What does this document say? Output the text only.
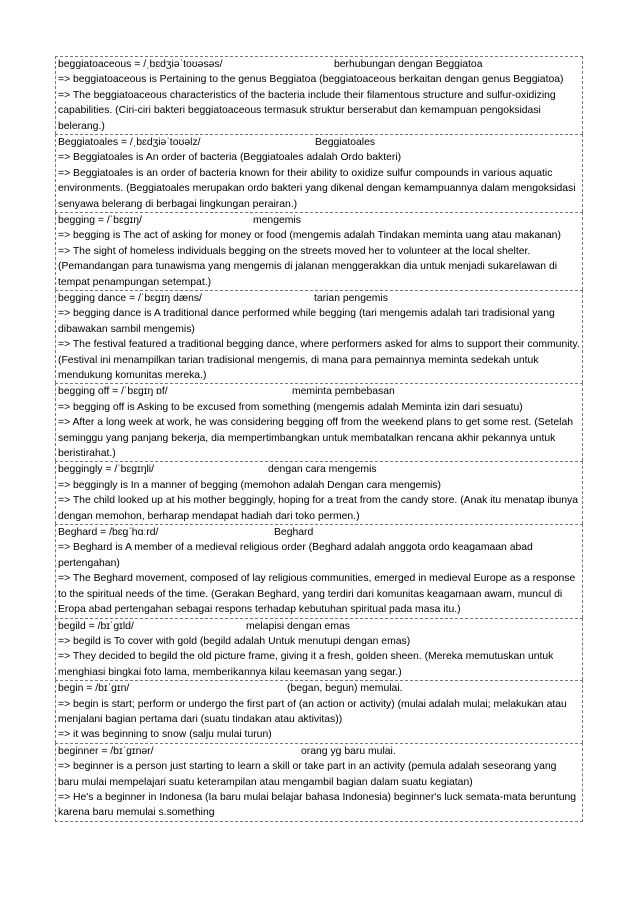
beggiatoaceous = /ˌbɛdʒiəˈtoʊəsəs/	berhubungan dengan Beggiatoa
=> beggiatoaceous is Pertaining to the genus Beggiatoa (beggiatoaceous berkaitan dengan genus Beggiatoa)
=> The beggiatoaceous characteristics of the bacteria include their filamentous structure and sulfur-oxidizing capabilities. (Ciri-ciri bakteri beggiatoaceous termasuk struktur berserabut dan kemampuan pengoksidasi belerang.)
Beggiatoales = /ˌbɛdʒiəˈtoʊəlz/	Beggiatoales
=> Beggiatoales is An order of bacteria (Beggiatoales adalah Ordo bakteri)
=> Beggiatoales is an order of bacteria known for their ability to oxidize sulfur compounds in various aquatic environments. (Beggiatoales merupakan ordo bakteri yang dikenal dengan kemampuannya dalam mengoksidasi senyawa belerang di berbagai lingkungan perairan.)
begging = /ˈbɛɡɪŋ/	mengemis
=> begging is The act of asking for money or food (mengemis adalah Tindakan meminta uang atau makanan)
=> The sight of homeless individuals begging on the streets moved her to volunteer at the local shelter. (Pemandangan para tunawisma yang mengemis di jalanan menggerakkan dia untuk menjadi sukarelawan di tempat penampungan setempat.)
begging dance = /ˈbɛɡɪŋ dæns/	tarian pengemis
=> begging dance is A traditional dance performed while begging (tari mengemis adalah tari tradisional yang dibawakan sambil mengemis)
=> The festival featured a traditional begging dance, where performers asked for alms to support their community. (Festival ini menampilkan tarian tradisional mengemis, di mana para pemainnya meminta sedekah untuk mendukung komunitas mereka.)
begging off = /ˈbɛɡɪŋ ɒf/	meminta pembebasan
=> begging off is Asking to be excused from something (mengemis adalah Meminta izin dari sesuatu)
=> After a long week at work, he was considering begging off from the weekend plans to get some rest. (Setelah seminggu yang panjang bekerja, dia mempertimbangkan untuk membatalkan rencana akhir pekannya untuk beristirahat.)
beggingly = /ˈbɛɡɪŋli/	dengan cara mengemis
=> beggingly is In a manner of begging (memohon adalah Dengan cara mengemis)
=> The child looked up at his mother beggingly, hoping for a treat from the candy store. (Anak itu menatap ibunya dengan memohon, berharap mendapat hadiah dari toko permen.)
Beghard = /bɛɡˈhɑːrd/	Beghard
=> Beghard is A member of a medieval religious order (Beghard adalah anggota ordo keagamaan abad pertengahan)
=> The Beghard movement, composed of lay religious communities, emerged in medieval Europe as a response to the spiritual needs of the time. (Gerakan Beghard, yang terdiri dari komunitas keagamaan awam, muncul di Eropa abad pertengahan sebagai respons terhadap kebutuhan spiritual pada masa itu.)
begild = /bɪˈɡɪld/	melapisi dengan emas
=> begild is To cover with gold (begild adalah Untuk menutupi dengan emas)
=> They decided to begild the old picture frame, giving it a fresh, golden sheen. (Mereka memutuskan untuk menghiasi bingkai foto lama, memberikannya kilau keemasan yang segar.)
begin = /bɪˈɡɪn/	(began, begun) memulai.
=> begin is start; perform or undergo the first part of (an action or activity) (mulai adalah mulai; melakukan atau menjalani bagian pertama dari (suatu tindakan atau aktivitas))
=> it was beginning to snow (salju mulai turun)
beginner = /bɪˈɡɪnər/	orang yg baru mulai.
=> beginner is a person just starting to learn a skill or take part in an activity (pemula adalah seseorang yang baru mulai mempelajari suatu keterampilan atau mengambil bagian dalam suatu kegiatan)
=> He's a beginner in Indonesa (Ia baru mulai belajar bahasa Indonesia) beginner's luck semata-mata beruntung karena baru memulai s.something
